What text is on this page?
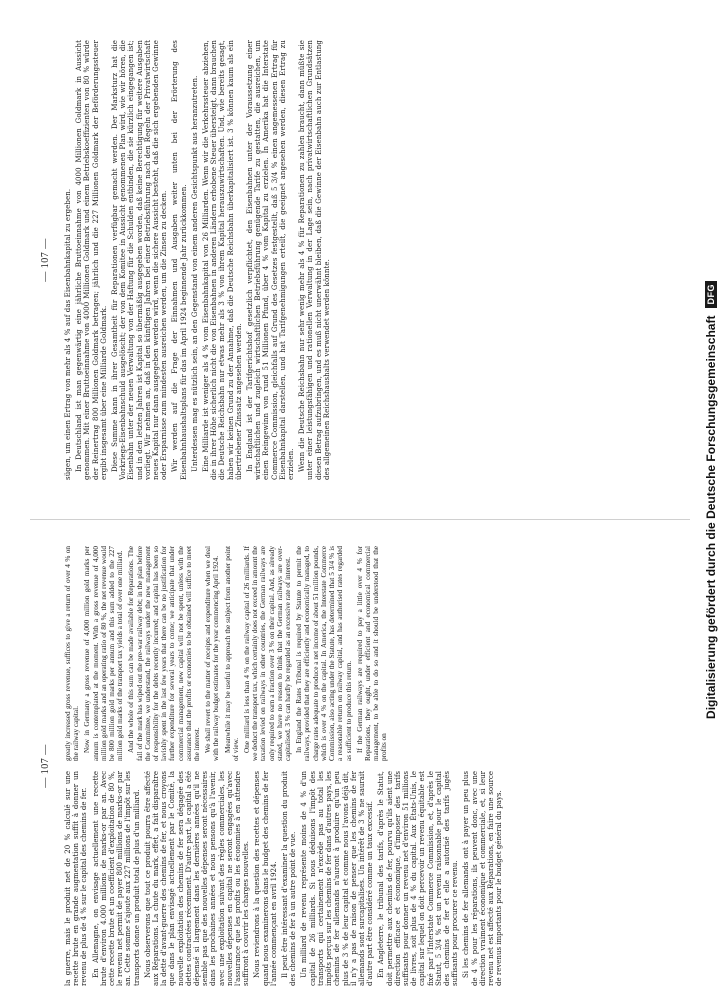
— 107 —

la guerre, mais le produit net de 20 % calculé sur une recette brute en grande augmentation suffit à donner un revenu de plus de 4 % sur le capital des chemins de fer. En Allemagne, on envisage actuellement une recette brute d'environ 4.000 millions de marks-or par an. Avec cette recette brute et un coefficient d'exploitation de 80 %, le revenu net permit de payer 800 millions de marks-or par an. Cette somme s'ajoute aux 227 millions de l'impôt sur les transports donne un produit total de plus d'un milliard. Nous observerons que tout ce produit pourra être affecté aux Réparations. La chute du mark, effet, a fait disparaître la dette d'avant-guerre des chemins de fer, et nous croyons que dans le plan envisagé actuellement par le Comité, la nouvelle exploitation des chemins de fer sera dégagée des dettes contractées récemment. D'autre part, le capital a été dépensé si largement dans les dernières années qu'il ne semble pas que des nouvelles dépenses seront nécessaires dans les prochaines années et nous pensons qu'à l'avenir, avec une exploitation suivant des règles commerciales, les nouvelles dépenses en capital ne seront engagées qu'avec l'assurance que les profits ou les économies à en attendre suffiront à couvrir les charges nouvelles. Nous reviendrons à la question des recettes et dépenses quand nous examinerons dans le budget des chemins de fer l'année commençant en avril 1924. Il peut être intéressant d'examiner la question du produit des chemins de fer à un autre point de vue. Un milliard de revenu représente moins de 4 % d'un capital de 26 milliards. Si nous déduisons l'impôt des transports qui certainement n'excède pas au total les impôts perçus sur les chemins de fer dans d'autres pays, les chemins de fer allemands n'auront à produire qu'un peu plus de 3 % de leur capital et comme nous l'avons déjà dit, il n'y a pas de raison de penser que les chemins de fer allemands sont surcapitalisés. Un intérêt de 3 % ne saurait d'autre part être considéré comme un taux excessif. En Angleterre, le tribunal des tarifs, d'après le Statut, doit permettre aux chemins de fer, pourvu qu'ils aient une direction efficace et économique, d'imposer des tarifs suffisants pour donner un revenu net d'environ 51 millions de livres, soit plus de 4 % du capital. Aux États-Unis, le capital sur lequel on doit percevoir un revenu équitable est fixé par l'Interstate Commerce Commission, et, d'après le Statut, 5 3/4 % est un revenu raisonnable pour le capital des chemins de fer et elle a autorisé des tarifs jugés suffisants pour procurer ce revenu. Si les chemins de fer allemands ont à payer un peu plus de 4 % pour les réparations, ils peuvent donc, avec une direction vraiment économique et commerciale, et, si leur revenu net est affecté aux Réparations, en faire une source de revenus importants pour le budget général du pays.

greatly increased gross revenue, suffices to give a return of over 4 % on the railway capital. Now in Germany a gross revenue of 4,000 million gold marks per annum is contemplated at the moment. With a gross revenue of 4,000 million gold marks and an operating ratio of 80 %, the net revenue would be 800 million gold marks per annum and this sum added to the 227 million gold marks of the transport tax yields a total of over one milliard. And the whole of this sum can be made available for Reparations. The fall of the mark has wiped out the pre-war railway debt; in the plan before the Committee, we understand, the railways under the new management of responsibility for the debts recently incurred; and capital has been so lavishly spent in the last few years that there can be no justification for further expenditure for several years to come; we anticipate that under commercial management, new capital will not be spent, unless with the assurance that the profits or economies to be obtained will suffice to meet the interest. We shall revert to the matter of receipts and expenditure when we deal with the railway budget estimates for the year commencing April 1924. Meanwhile it may be useful to approach the subject from another point of view. One milliard is less than 4 % on the railway capital of 26 milliards. If we deduct the transport tax, which certainly does not exceed in amount the taxation levied on railways in other countries, the German railways are only required to earn a fraction over 3 % on their capital. And, as already stated, we have no reason to think that the German railways are over-capitalised. 3 % can hardly be regarded as an excessive rate of interest. In England the Rates Tribunal is required by Statute to permit the railways, provided that they are efficiently and economically managed, to charge rates adequate to produce a net income of about 51 million pounds, which is over 4 % on the capital. In America, the Interstate Commerce Commission, also acting under the Statute, has determined that 5 3/4 % is a reasonable return on railway capital, and has authorised rates regarded as sufficient to produce this return. If the German railways are required to pay a little over 4 % for Reparations, they ought, under efficient and economical commercial management, to be able to do so and it should be understood that the profits on

— 107 —	sügen, um einen Ertrag von mehr als 4 % auf das Eisenbahnkapital zu ergeben. In Deutschland ist man gegenwärtig eine jährliche Bruttoeinnahme von 4000 Millionen Goldmark in Aussicht genommen. Mit einer Bruttoeinnahme von 4000 Millionen Goldmark und einem Betriebskoeffizienten von 80 % würde der Reinertrag 800 Millionen Goldmark betragen; jährlich und die 227 Millionen Goldmark der Beförderungssteuer ergibt insgesamt über eine Milliarde Goldmark. Diese Summe kann in ihrer Gesamtheit für Reparationen verfügbar gemacht werden. Der Marksturz hat die Vorkriegs-Eisenbahnschuld ausgelöscht; der von dem Komitee in Aussicht genommenen Plan wird, wie wir hören, die Eisenbahn unter der neuen Verwaltung von der Haftung für die Schulden entbinden, die sie kürzlich eingegangen ist; und in den letzten Jahren ist Kapital so übermäßig ausgegeben worden, daß keine Berechtigung für weitere Ausgaben vorliegt. Wir nehmen an, daß in den künftigen Jahren bei einer Betriebsführung nach den Regeln der Privatwirtschaft neues Kapital nur dann ausgegeben werden wird, wenn die sichere Aussicht besteht, daß die sich ergebenden Gewinne oder Ersparnisse zum mindesten ausreichen werden, um die Zinsen zu decken. Wir werden auf die Frage der Einnahmen und Ausgaben weiter unten bei der Erörterung des Eisenbahnhaushaltsplans für das im April 1924 beginnende Jahr zurückkommen. Unterdessen mag es nützlich sein, an den Gegenstand von einem anderen Gesichtspunkt aus heranzutreten. Eine Milliarde ist weniger als 4 % vom Eisenbahnkapital von 26 Milliarden. Wenn wir die Verkehrssteuer abziehen, die in ihrer Höhe sicherlich nicht die von Eisenbahnen in anderen Ländern erhobene Steuer übersteigt, dann brauchen die Deutsche Reichsbahn nur etwas mehr als 3 % von ihrem Kapital herauszuwirtschaften. Und, wie bereits gesagt, haben wir keinen Grund zu der Annahme, daß die Deutsche Reichsbahn überkapitalisiert ist. 3 % können kaum als ein übertriebener Zinssatz angesehen werden. In England ist der Tarifgerichtshof gesetzlich verpflichtet, den Eisenbahnen unter der Voraussetzung einer wirtschaftlichen und zugleich wirtschaftlichen Betriebsführung genügende Tarife zu gestatten, die ausreichen, um einen Reingewinn von rund 51 Millionen Pfund, über 4 % vom Kapital zu erzielen. In Amerika hat die Interstate Commerce Commission, gleichfalls auf Grund des Gesetzes festgestellt, daß 5 3/4 % einen angemessenen Ertrag für Eisenbahnkapital darstellen, und hat Tarifgenehmigungen erteilt, die geeignet angesehen werden, diesen Ertrag zu erzielen. Wenn die Deutsche Reichsbahn nur sehr wenig mehr als 4 % für Reparationen zu zahlen braucht, dann müßte sie unter einer leistungsfähigen und rationellen Verwaltung in der Lage sein, nach privatwirtschaftlichen Grundsätzen diesen Betrag aufzubringen, und es muß nicht unerwähnt bleiben, daß die Gewinne der Eisenbahn auch zur Entlastung des allgemeinen Reichshaushalts verwendet werden könnte.	Digitalisierung gefördert durch die Deutsche Forschungsgemeinschaft
DFG
